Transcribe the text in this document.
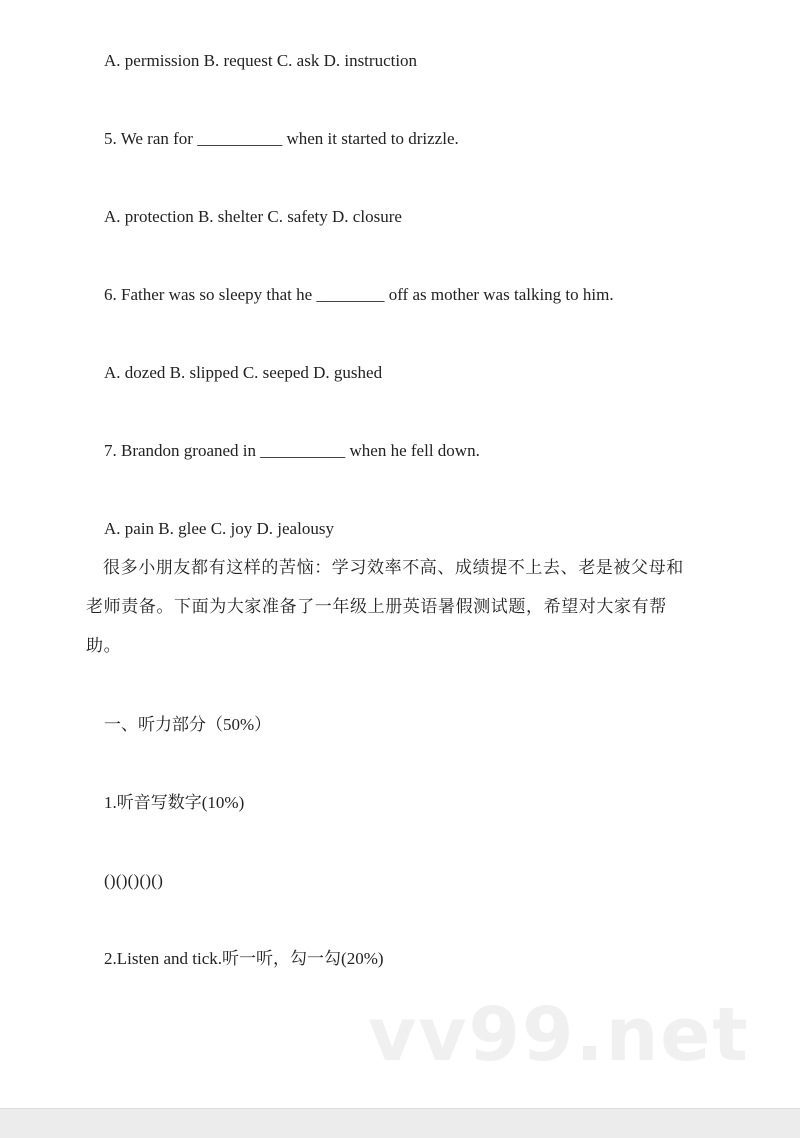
A. permission B. request C. ask D. instruction
5. We ran for __________ when it started to drizzle.
A. protection B. shelter C. safety D. closure
6. Father was so sleepy that he ________ off as mother was talking to him.
A. dozed B. slipped C. seeped D. gushed
7. Brandon groaned in __________ when he fell down.
A. pain B. glee C. joy D. jealousy
很多小朋友都有这样的苦恼：学习效率不高、成绩提不上去、老是被父母和老师责备。下面为大家准备了一年级上册英语暑假测试题，希望对大家有帮助。
一、听力部分（50%）
1.听音写数字(10%)
( ) ( ) ( ) ( ) ( )
2.Listen and tick.听一听，勾一勾(20%)
vv99.net
